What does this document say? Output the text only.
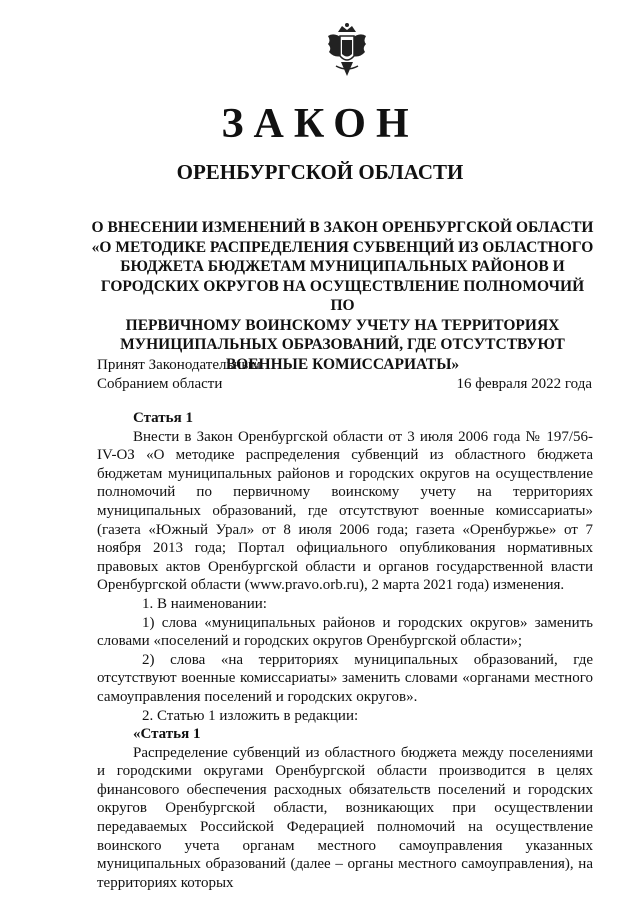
ЗАКОН
ОРЕНБУРГСКОЙ ОБЛАСТИ
О ВНЕСЕНИИ ИЗМЕНЕНИЙ В ЗАКОН ОРЕНБУРГСКОЙ ОБЛАСТИ
«О МЕТОДИКЕ РАСПРЕДЕЛЕНИЯ СУБВЕНЦИЙ ИЗ ОБЛАСТНОГО
БЮДЖЕТА БЮДЖЕТАМ МУНИЦИПАЛЬНЫХ РАЙОНОВ И
ГОРОДСКИХ ОКРУГОВ НА ОСУЩЕСТВЛЕНИЕ ПОЛНОМОЧИЙ ПО
ПЕРВИЧНОМУ ВОИНСКОМУ УЧЕТУ НА ТЕРРИТОРИЯХ
МУНИЦИПАЛЬНЫХ ОБРАЗОВАНИЙ, ГДЕ ОТСУТСТВУЮТ
ВОЕННЫЕ КОМИССАРИАТЫ»
Принят Законодательным
Собранием области	16 февраля 2022 года

Статья 1

Внести в Закон Оренбургской области от 3 июля 2006 года № 197/56-IV-ОЗ «О методике распределения субвенций из областного бюджета бюджетам муниципальных районов и городских округов на осуществление полномочий по первичному воинскому учету на территориях муниципальных образований, где отсутствуют военные комиссариаты» (газета «Южный Урал» от 8 июля 2006 года; газета «Оренбуржье» от 7 ноября 2013 года; Портал официального опубликования нормативных правовых актов Оренбургской области и органов государственной власти Оренбургской области (www.pravo.orb.ru), 2 марта 2021 года) изменения.

1. В наименовании:

1) слова «муниципальных районов и городских округов» заменить словами «поселений и городских округов Оренбургской области»;

2) слова «на территориях муниципальных образований, где отсутствуют военные комиссариаты» заменить словами «органами местного самоуправления поселений и городских округов».

2. Статью 1 изложить в редакции:

«Статья 1

Распределение субвенций из областного бюджета между поселениями и городскими округами Оренбургской области производится в целях финансового обеспечения расходных обязательств поселений и городских округов Оренбургской области, возникающих при осуществлении передаваемых Российской Федерацией полномочий на осуществление воинского учета органам местного самоуправления указанных муниципальных образований (далее – органы местного самоуправления), на территориях которых
